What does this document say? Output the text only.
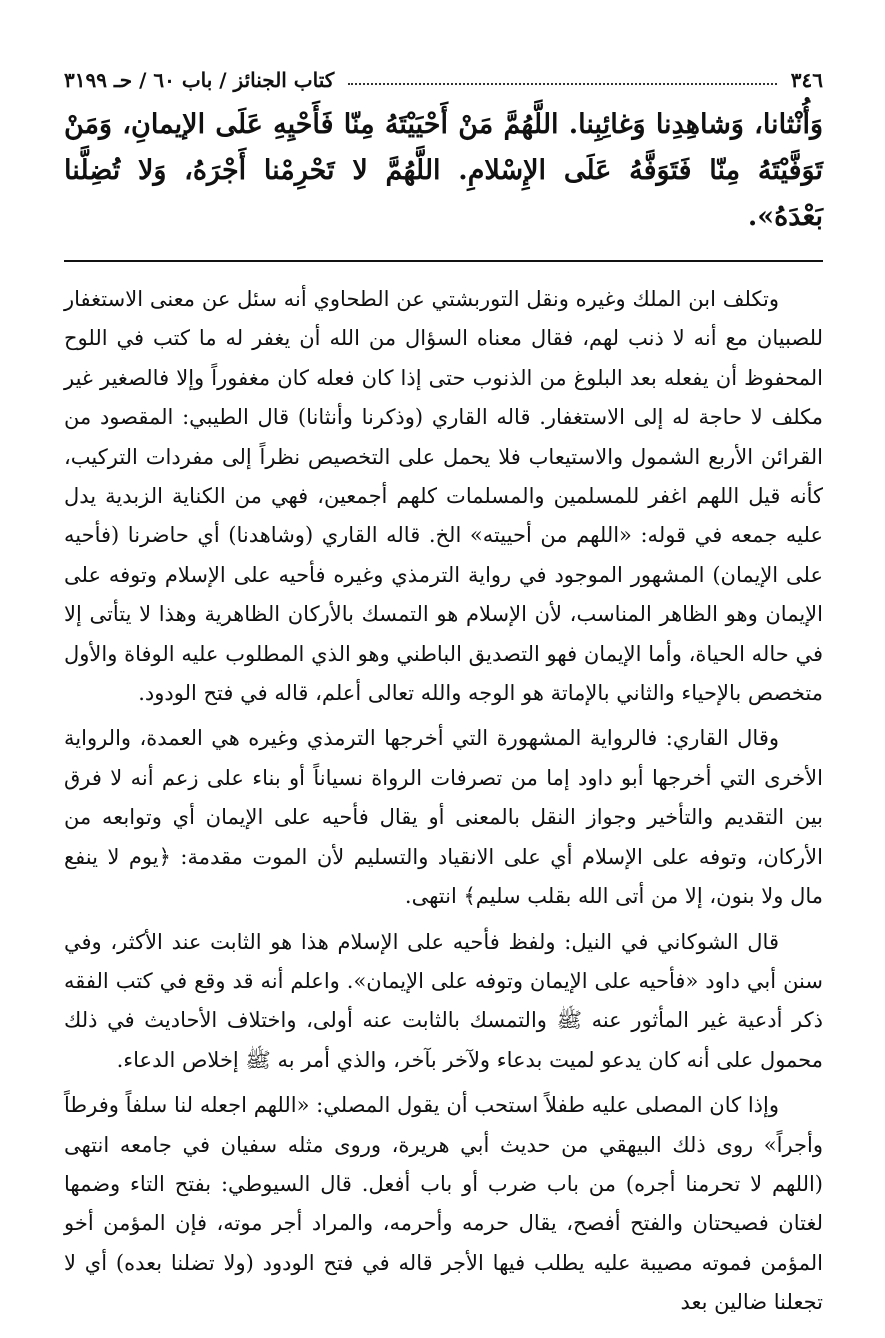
٣٤٦
كتاب الجنائز / باب ٦٠ / حـ ٣١٩٩
وَأُنْثانا، وَشاهِدِنا وَغائِبِنا. اللَّهُمَّ مَنْ أَحْيَيْتَهُ مِنّا فَأَحْيِهِ عَلَى الإيمانِ، وَمَنْ تَوَفَّيْتَهُ مِنّا فَتَوَفَّهُ عَلَى الإِسْلامِ. اللَّهُمَّ لا تَحْرِمْنا أَجْرَهُ، وَلا تُضِلَّنا بَعْدَهُ».

وتكلف ابن الملك وغيره ونقل التوربشتي عن الطحاوي أنه سئل عن معنى الاستغفار للصبيان مع أنه لا ذنب لهم، فقال معناه السؤال من الله أن يغفر له ما كتب في اللوح المحفوظ أن يفعله بعد البلوغ من الذنوب حتى إذا كان فعله كان مغفوراً وإلا فالصغير غير مكلف لا حاجة له إلى الاستغفار. قاله القاري (وذكرنا وأنثانا) قال الطيبي: المقصود من القرائن الأربع الشمول والاستيعاب فلا يحمل على التخصيص نظراً إلى مفردات التركيب، كأنه قيل اللهم اغفر للمسلمين والمسلمات كلهم أجمعين، فهي من الكناية الزبدية يدل عليه جمعه في قوله: «اللهم من أحييته» الخ. قاله القاري (وشاهدنا) أي حاضرنا (فأحيه على الإيمان) المشهور الموجود في رواية الترمذي وغيره فأحيه على الإسلام وتوفه على الإيمان وهو الظاهر المناسب، لأن الإسلام هو التمسك بالأركان الظاهرية وهذا لا يتأتى إلا في حاله الحياة، وأما الإيمان فهو التصديق الباطني وهو الذي المطلوب عليه الوفاة والأول متخصص بالإحياء والثاني بالإماتة هو الوجه والله تعالى أعلم، قاله في فتح الودود.

وقال القاري: فالرواية المشهورة التي أخرجها الترمذي وغيره هي العمدة، والرواية الأخرى التي أخرجها أبو داود إما من تصرفات الرواة نسياناً أو بناء على زعم أنه لا فرق بين التقديم والتأخير وجواز النقل بالمعنى أو يقال فأحيه على الإيمان أي وتوابعه من الأركان، وتوفه على الإسلام أي على الانقياد والتسليم لأن الموت مقدمة: ﴿يوم لا ينفع مال ولا بنون، إلا من أتى الله بقلب سليم﴾ انتهى.

قال الشوكاني في النيل: ولفظ فأحيه على الإسلام هذا هو الثابت عند الأكثر، وفي سنن أبي داود «فأحيه على الإيمان وتوفه على الإيمان». واعلم أنه قد وقع في كتب الفقه ذكر أدعية غير المأثور عنه ﷺ والتمسك بالثابت عنه أولى، واختلاف الأحاديث في ذلك محمول على أنه كان يدعو لميت بدعاء ولآخر بآخر، والذي أمر به ﷺ إخلاص الدعاء.

وإذا كان المصلى عليه طفلاً استحب أن يقول المصلي: «اللهم اجعله لنا سلفاً وفرطاً وأجراً» روى ذلك البيهقي من حديث أبي هريرة، وروى مثله سفيان في جامعه انتهى (اللهم لا تحرمنا أجره) من باب ضرب أو باب أفعل. قال السيوطي: بفتح التاء وضمها لغتان فصيحتان والفتح أفصح، يقال حرمه وأحرمه، والمراد أجر موته، فإن المؤمن أخو المؤمن فموته مصيبة عليه يطلب فيها الأجر قاله في فتح الودود (ولا تضلنا بعده) أي لا تجعلنا ضالين بعد
